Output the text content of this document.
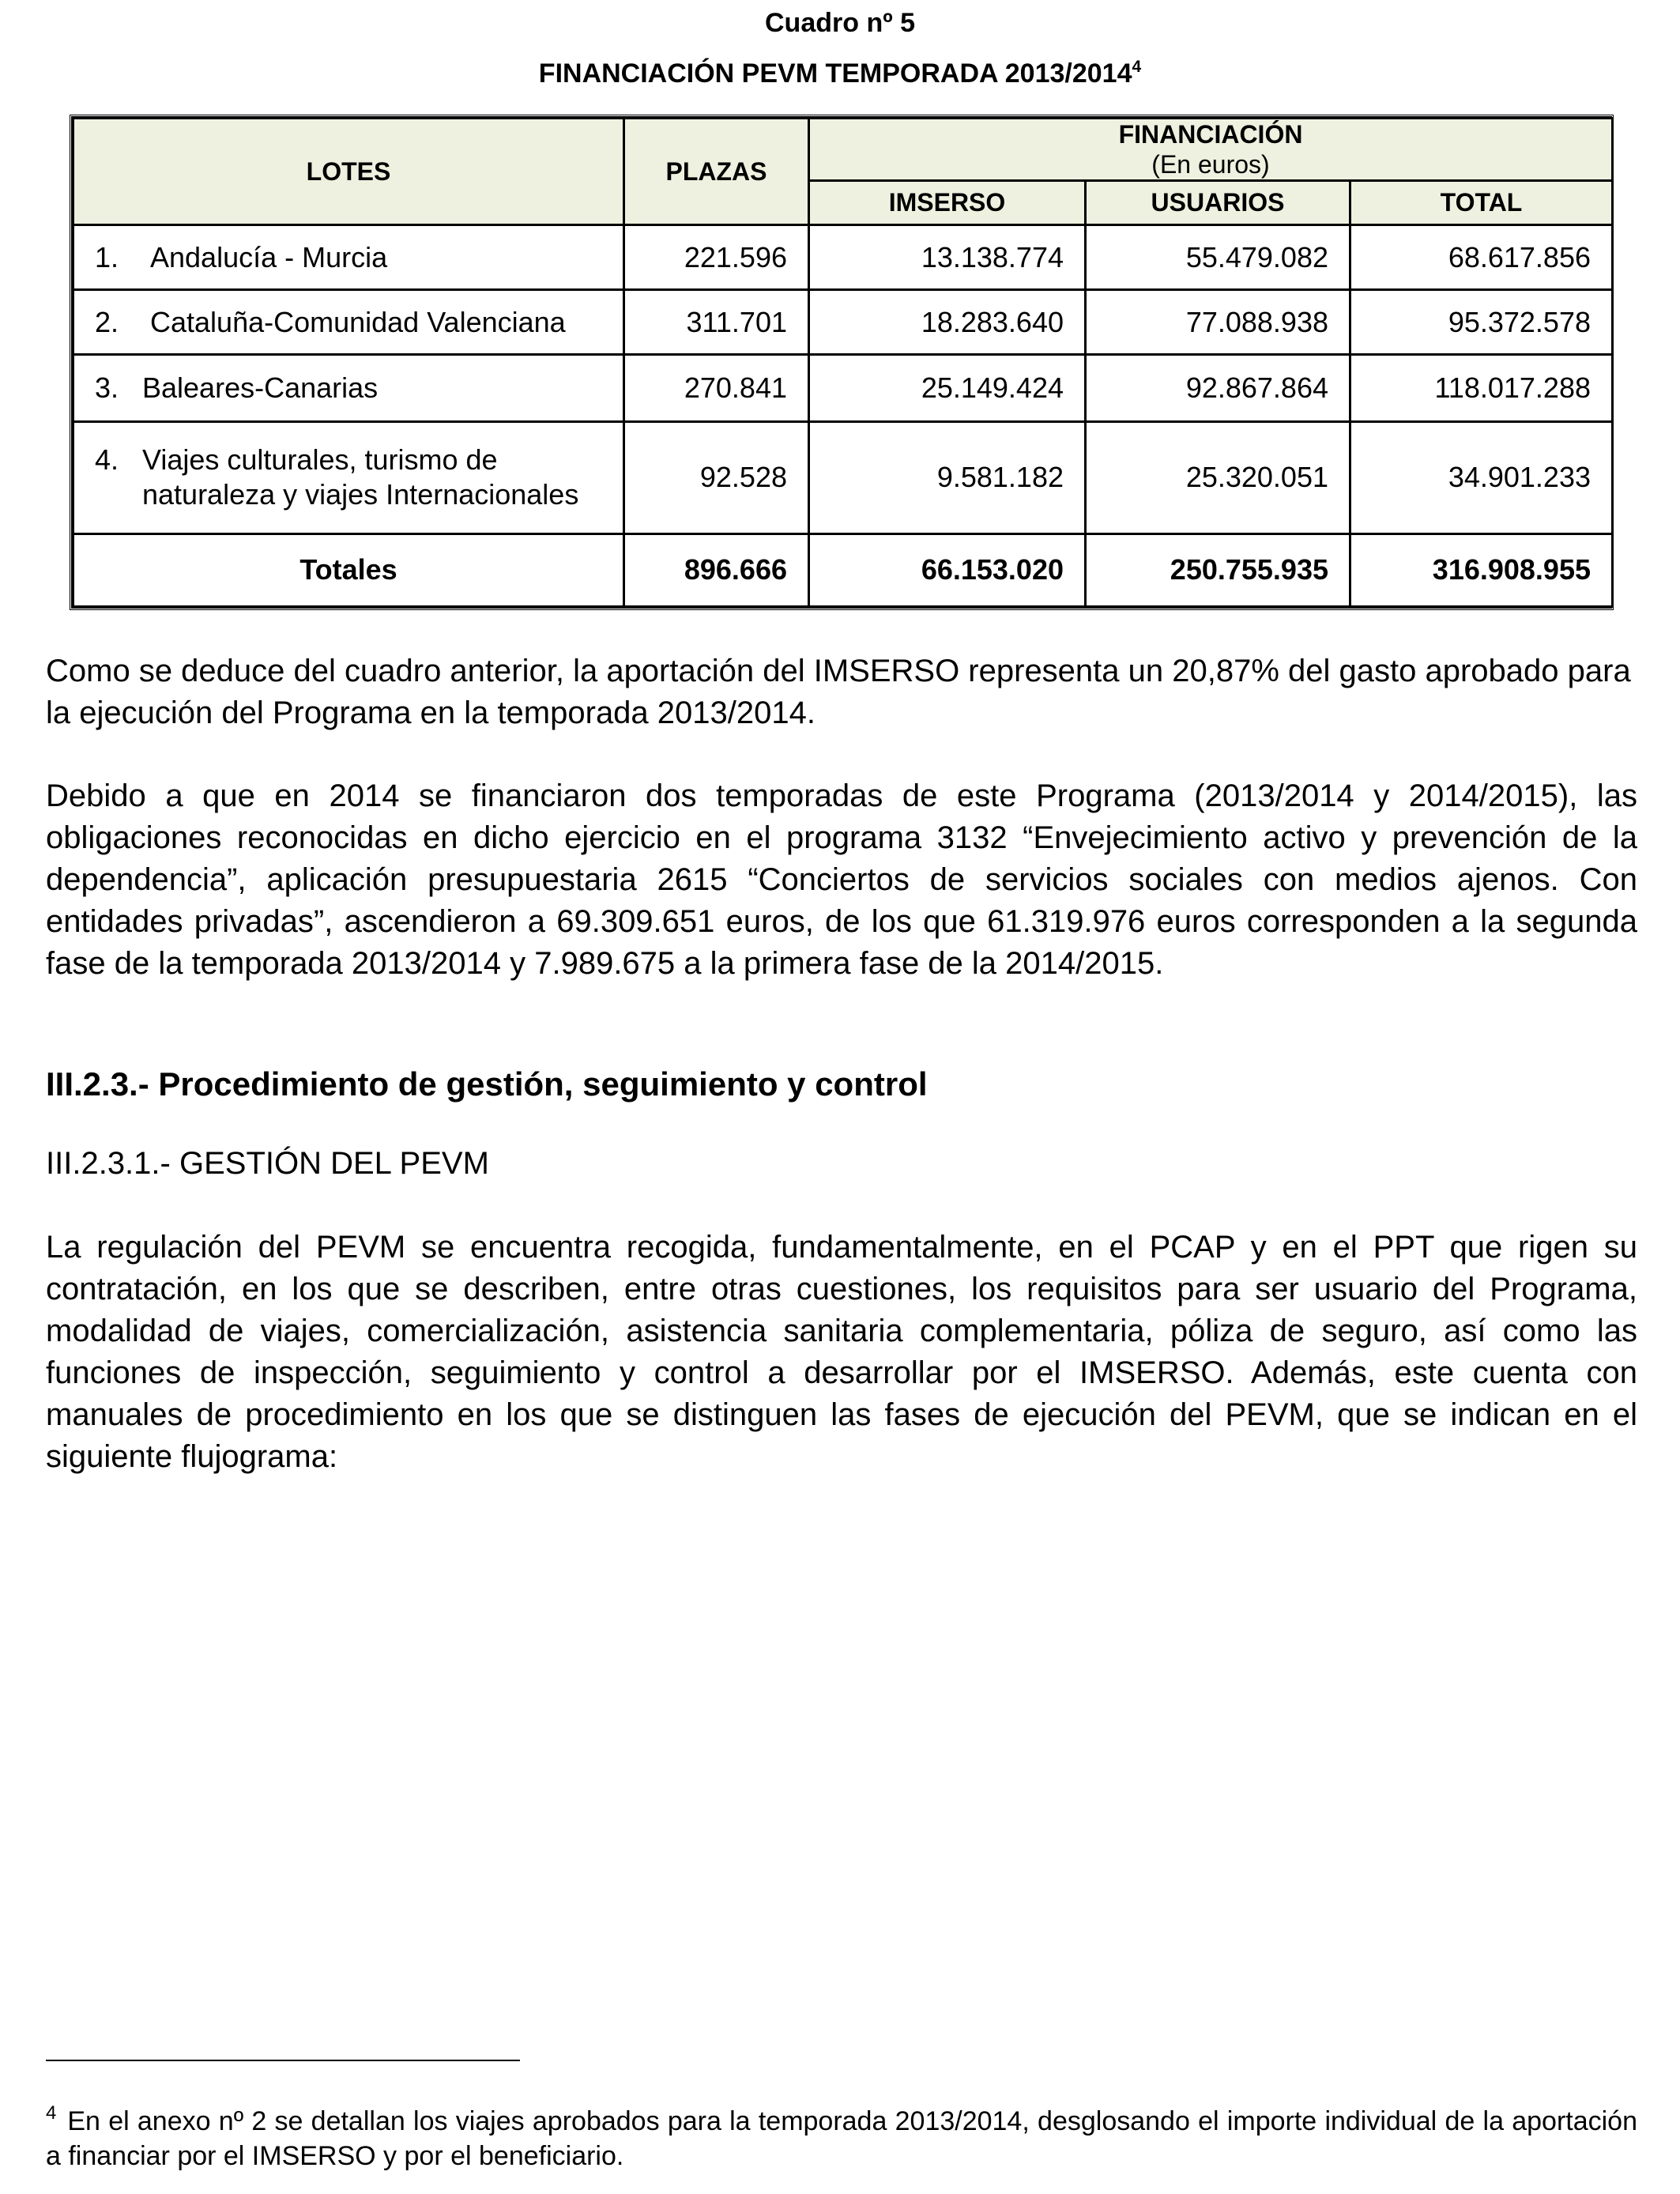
Cuadro nº 5
FINANCIACIÓN PEVM TEMPORADA 2013/2014$^4$
LOTES	PLAZAS	FINANCIACIÓN
(En euros)		

		IMSERSO	USUARIOS	TOTAL
1. Andalucía - Murcia	221.596	13.138.774	55.479.082	68.617.856
2. Cataluña-Comunidad Valenciana	311.701	18.283.640	77.088.938	95.372.578
3. Baleares-Canarias	270.841	25.149.424	92.867.864	118.017.288

4. Viajes culturales, turismo de
naturaleza y viajes Internacionales	92.528	9.581.182	25.320.051	34.901.233
Totales	896.666	66.153.020	250.755.935	316.908.955
Como se deduce del cuadro anterior, la aportación del IMSERSO representa un 20,87% del gasto aprobado para la ejecución del Programa en la temporada 2013/2014.
Debido a que en 2014 se financiaron dos temporadas de este Programa (2013/2014 y 2014/2015), las obligaciones reconocidas en dicho ejercicio en el programa 3132 “Envejecimiento activo y prevención de la dependencia”, aplicación presupuestaria 2615 “Conciertos de servicios sociales con medios ajenos. Con entidades privadas”, ascendieron a 69.309.651 euros, de los que 61.319.976 euros corresponden a la segunda fase de la temporada 2013/2014 y 7.989.675 a la primera fase de la 2014/2015.
III.2.3.- Procedimiento de gestión, seguimiento y control
III.2.3.1.- GESTIÓN DEL PEVM
La regulación del PEVM se encuentra recogida, fundamentalmente, en el PCAP y en el PPT que rigen su contratación, en los que se describen, entre otras cuestiones, los requisitos para ser usuario del Programa, modalidad de viajes, comercialización, asistencia sanitaria complementaria, póliza de seguro, así como las funciones de inspección, seguimiento y control a desarrollar por el IMSERSO. Además, este cuenta con manuales de procedimiento en los que se distinguen las fases de ejecución del PEVM, que se indican en el siguiente flujograma:
$^4$ En el anexo nº 2 se detallan los viajes aprobados para la temporada 2013/2014, desglosando el importe individual de la aportación a financiar por el IMSERSO y por el beneficiario.
